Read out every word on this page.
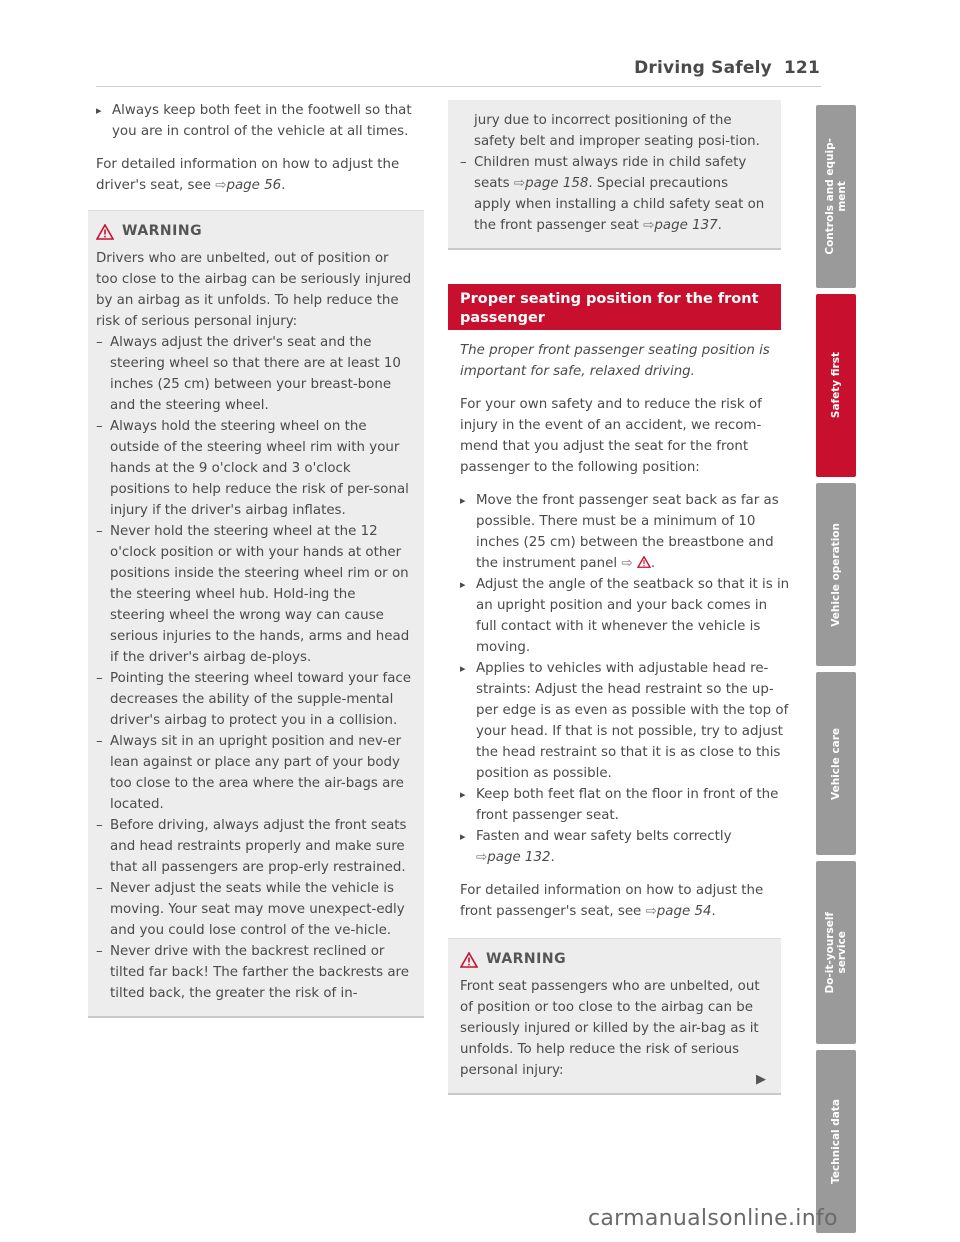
Driving Safely 121

▸ Always keep both feet in the footwell so that you are in control of the vehicle at all times.

For detailed information on how to adjust the driver's seat, see ⇨page 56.

WARNING

Drivers who are unbelted, out of position or too close to the airbag can be seriously injured by an airbag as it unfolds. To help reduce the risk of serious personal injury:

– Always adjust the driver's seat and the steering wheel so that there are at least 10 inches (25 cm) between your breast-bone and the steering wheel.

– Always hold the steering wheel on the outside of the steering wheel rim with your hands at the 9 o'clock and 3 o'clock positions to help reduce the risk of per-sonal injury if the driver's airbag inflates.

– Never hold the steering wheel at the 12 o'clock position or with your hands at other positions inside the steering wheel rim or on the steering wheel hub. Hold-ing the steering wheel the wrong way can cause serious injuries to the hands, arms and head if the driver's airbag de-ploys.

– Pointing the steering wheel toward your face decreases the ability of the supple-mental driver's airbag to protect you in a collision.

– Always sit in an upright position and nev-er lean against or place any part of your body too close to the area where the air-bags are located.

– Before driving, always adjust the front seats and head restraints properly and make sure that all passengers are prop-erly restrained.

– Never adjust the seats while the vehicle is moving. Your seat may move unexpect-edly and you could lose control of the ve-hicle.

– Never drive with the backrest reclined or tilted far back! The farther the backrests are tilted back, the greater the risk of in-

jury due to incorrect positioning of the safety belt and improper seating posi-tion.

– Children must always ride in child safety seats ⇨page 158. Special precautions apply when installing a child safety seat on the front passenger seat ⇨page 137.

Proper seating position for the front passenger

The proper front passenger seating position is important for safe, relaxed driving.

For your own safety and to reduce the risk of injury in the event of an accident, we recom-mend that you adjust the seat for the front passenger to the following position:

▸ Move the front passenger seat back as far as possible. There must be a minimum of 10 inches (25 cm) between the breastbone and the instrument panel ⇨ .

▸ Adjust the angle of the seatback so that it is in an upright position and your back comes in full contact with it whenever the vehicle is moving.

▸ Applies to vehicles with adjustable head re-straints: Adjust the head restraint so the up-per edge is as even as possible with the top of your head. If that is not possible, try to adjust the head restraint so that it is as close to this position as possible.

▸ Keep both feet flat on the floor in front of the front passenger seat.

▸ Fasten and wear safety belts correctly
⇨page 132.

For detailed information on how to adjust the front passenger's seat, see ⇨page 54.

WARNING

Front seat passengers who are unbelted, out of position or too close to the airbag can be seriously injured or killed by the air-bag as it unfolds. To help reduce the risk of serious personal injury:

▶
Controls and equip-
ment
Safety first
Vehicle operation
Vehicle care
Do-it-yourself
service
Technical data
carmanualsonline.info
